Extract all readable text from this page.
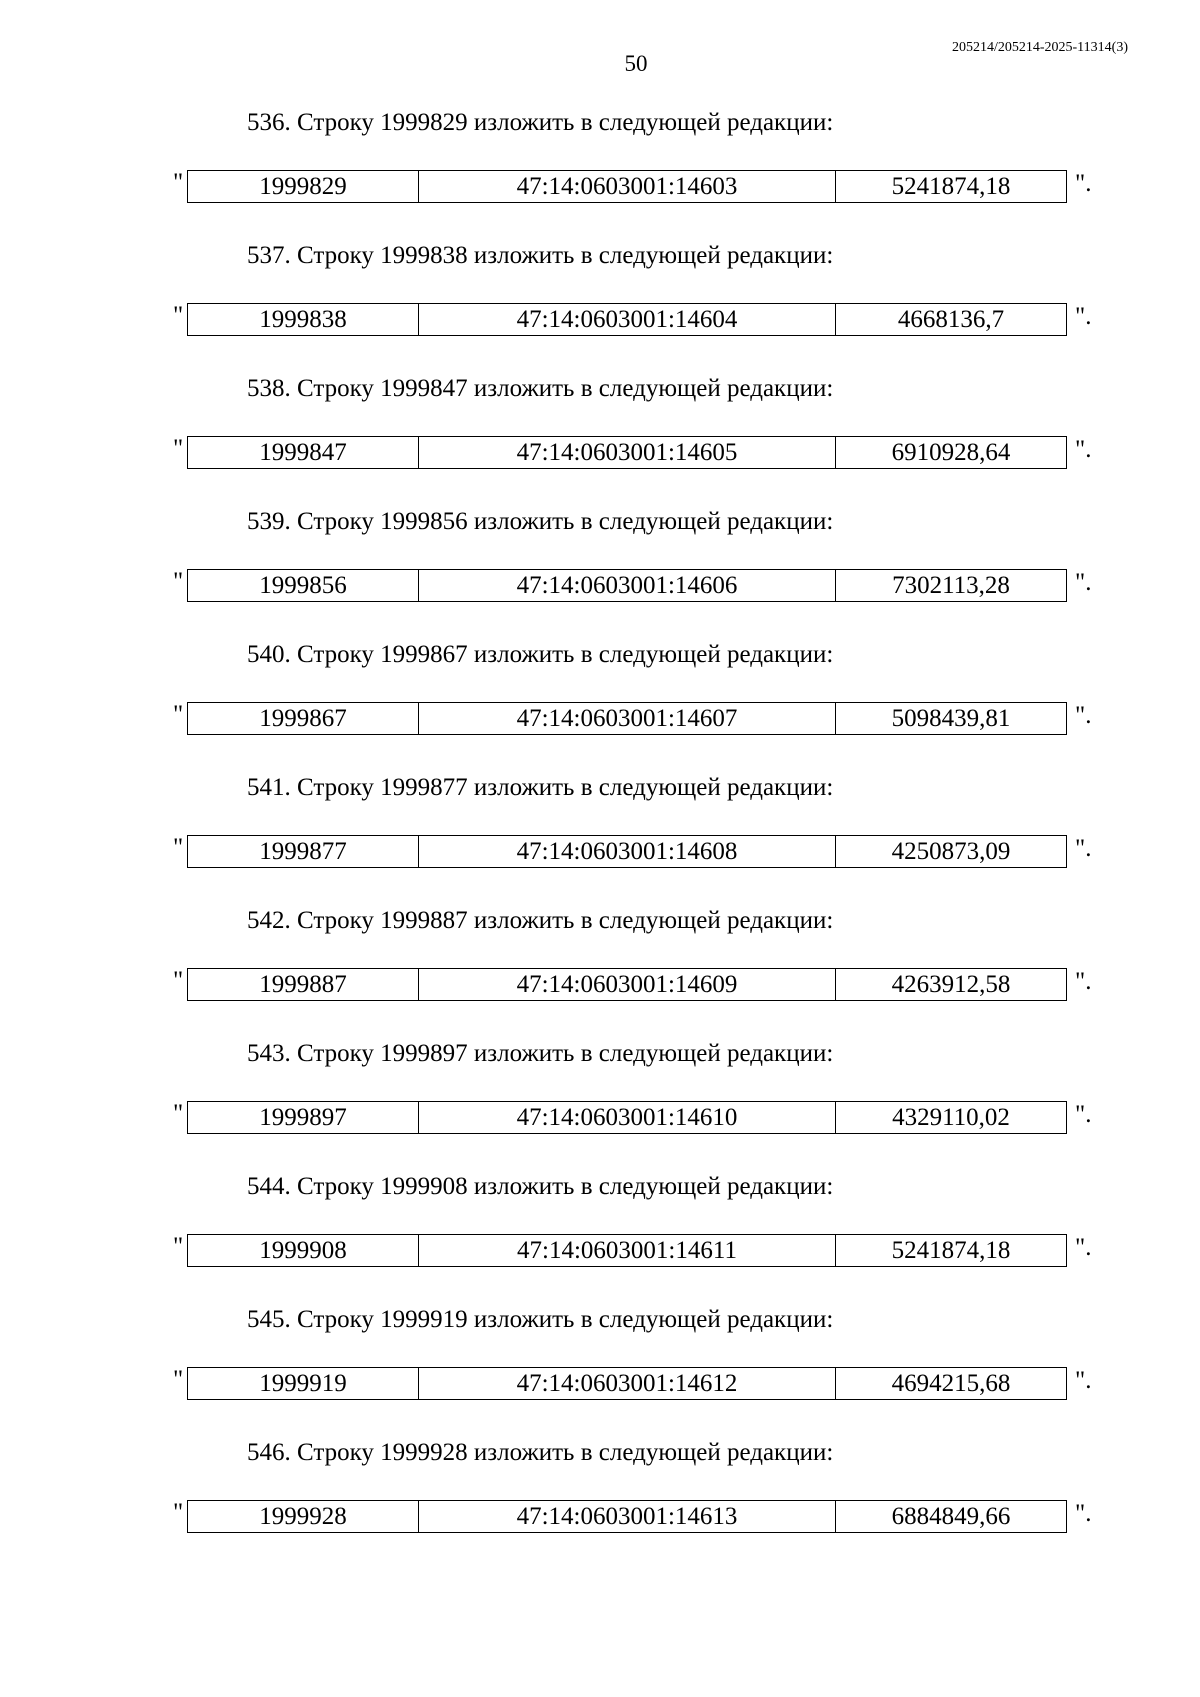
205214/205214-2025-11314(3)
50
536. Строку 1999829 изложить в следующей редакции:
"	1999829	47:14:0603001:14603	5241874,18	".
537. Строку 1999838 изложить в следующей редакции:
"	1999838	47:14:0603001:14604	4668136,7	".
538. Строку 1999847 изложить в следующей редакции:
"	1999847	47:14:0603001:14605	6910928,64	".
539. Строку 1999856 изложить в следующей редакции:
"	1999856	47:14:0603001:14606	7302113,28	".
540. Строку 1999867 изложить в следующей редакции:
"	1999867	47:14:0603001:14607	5098439,81	".
541. Строку 1999877 изложить в следующей редакции:
"	1999877	47:14:0603001:14608	4250873,09	".
542. Строку 1999887 изложить в следующей редакции:
"	1999887	47:14:0603001:14609	4263912,58	".
543. Строку 1999897 изложить в следующей редакции:
"	1999897	47:14:0603001:14610	4329110,02	".
544. Строку 1999908 изложить в следующей редакции:
"	1999908	47:14:0603001:14611	5241874,18	".
545. Строку 1999919 изложить в следующей редакции:
"	1999919	47:14:0603001:14612	4694215,68	".
546. Строку 1999928 изложить в следующей редакции:
"	1999928	47:14:0603001:14613	6884849,66	".
